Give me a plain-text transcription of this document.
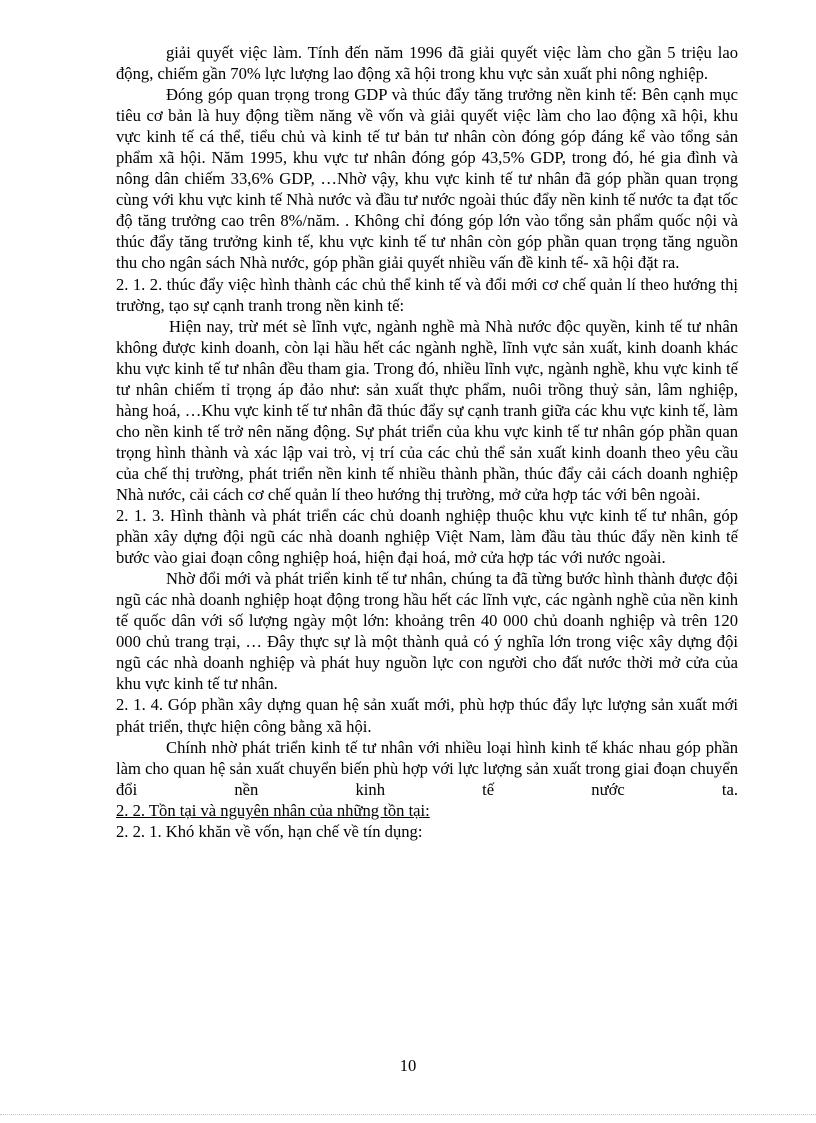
giải quyết việc làm. Tính đến năm 1996 đã giải quyết việc làm cho gần 5 triệu lao động, chiếm gần 70% lực lượng lao động xã hội trong khu vực sản xuất phi nông nghiệp.

Đóng góp quan trọng trong GDP và thúc đẩy tăng trưởng nền kinh tế: Bên cạnh mục tiêu cơ bản là huy động tiềm năng về vốn và giải quyết việc làm cho lao động xã hội, khu vực kinh tế cá thể, tiểu chủ và kinh tế tư bản tư nhân còn đóng góp đáng kể vào tổng sản phẩm xã hội. Năm 1995, khu vực tư nhân đóng góp 43,5% GDP, trong đó, hé gia đình và nông dân chiếm 33,6% GDP, …Nhờ vậy, khu vực kinh tế tư nhân đã góp phần quan trọng cùng với khu vực kinh tế Nhà nước và đầu tư nước ngoài thúc đẩy nền kinh tế nước ta đạt tốc độ tăng trưởng cao trên 8%/năm. . Không chỉ đóng góp lớn vào tổng sản phẩm quốc nội và thúc đẩy tăng trưởng kinh tế, khu vực kinh tế tư nhân còn góp phần quan trọng tăng nguồn thu cho ngân sách Nhà nước, góp phần giải quyết nhiều vấn đề kinh tế- xã hội đặt ra.

2. 1. 2. thúc đẩy việc hình thành các chủ thể kinh tế và đổi mới cơ chế quản lí theo hướng thị trường, tạo sự cạnh tranh trong nền kinh tế:

Hiện nay, trừ mét sè lĩnh vực, ngành nghề mà Nhà nước độc quyền, kinh tế tư nhân không được kinh doanh, còn lại hầu hết các ngành nghề, lĩnh vực sản xuất, kinh doanh khác khu vực kinh tế tư nhân đều tham gia. Trong đó, nhiều lĩnh vực, ngành nghề, khu vực kinh tế tư nhân chiếm tỉ trọng áp đảo như: sản xuất thực phẩm, nuôi trồng thuỷ sản, lâm nghiệp, hàng hoá, …Khu vực kinh tế tư nhân đã thúc đẩy sự cạnh tranh giữa các khu vực kinh tế, làm cho nền kinh tế trở nên năng động. Sự phát triển của khu vực kinh tế tư nhân góp phần quan trọng hình thành và xác lập vai trò, vị trí của các chủ thể sản xuất kinh doanh theo yêu cầu của chế thị trường, phát triển nền kinh tế nhiều thành phần, thúc đẩy cải cách doanh nghiệp Nhà nước, cải cách cơ chế quản lí theo hướng thị trường, mở cửa hợp tác với bên ngoài.

2. 1. 3. Hình thành và phát triển các chủ doanh nghiệp thuộc khu vực kinh tế tư nhân, góp phần xây dựng đội ngũ các nhà doanh nghiệp Việt Nam, làm đầu tàu thúc đẩy nền kinh tế bước vào giai đoạn công nghiệp hoá, hiện đại hoá, mở cửa hợp tác với nước ngoài.

Nhờ đổi mới và phát triển kinh tế tư nhân, chúng ta đã từng bước hình thành được đội ngũ các nhà doanh nghiệp hoạt động trong hầu hết các lĩnh vực, các ngành nghề của nền kinh tế quốc dân với số lượng ngày một lớn: khoảng trên 40 000 chủ doanh nghiệp và trên 120 000 chủ trang trại, … Đây thực sự là một thành quả có ý nghĩa lớn trong việc xây dựng đội ngũ các nhà doanh nghiệp và phát huy nguồn lực con người cho đất nước thời mở cửa của khu vực kinh tế tư nhân.

2. 1. 4. Góp phần xây dựng quan hệ sản xuất mới, phù hợp thúc đẩy lực lượng sản xuất mới phát triển, thực hiện công bằng xã hội.

Chính nhờ phát triển kinh tế tư nhân với nhiều loại hình kinh tế khác nhau góp phần làm cho quan hệ sản xuất chuyển biến phù hợp với lực lượng sản xuất trong giai đoạn chuyển đổi nền kinh tế nước ta.

2. 2. Tồn tại và nguyên nhân của những tồn tại:

2. 2. 1. Khó khăn về vốn, hạn chế về tín dụng:

10
